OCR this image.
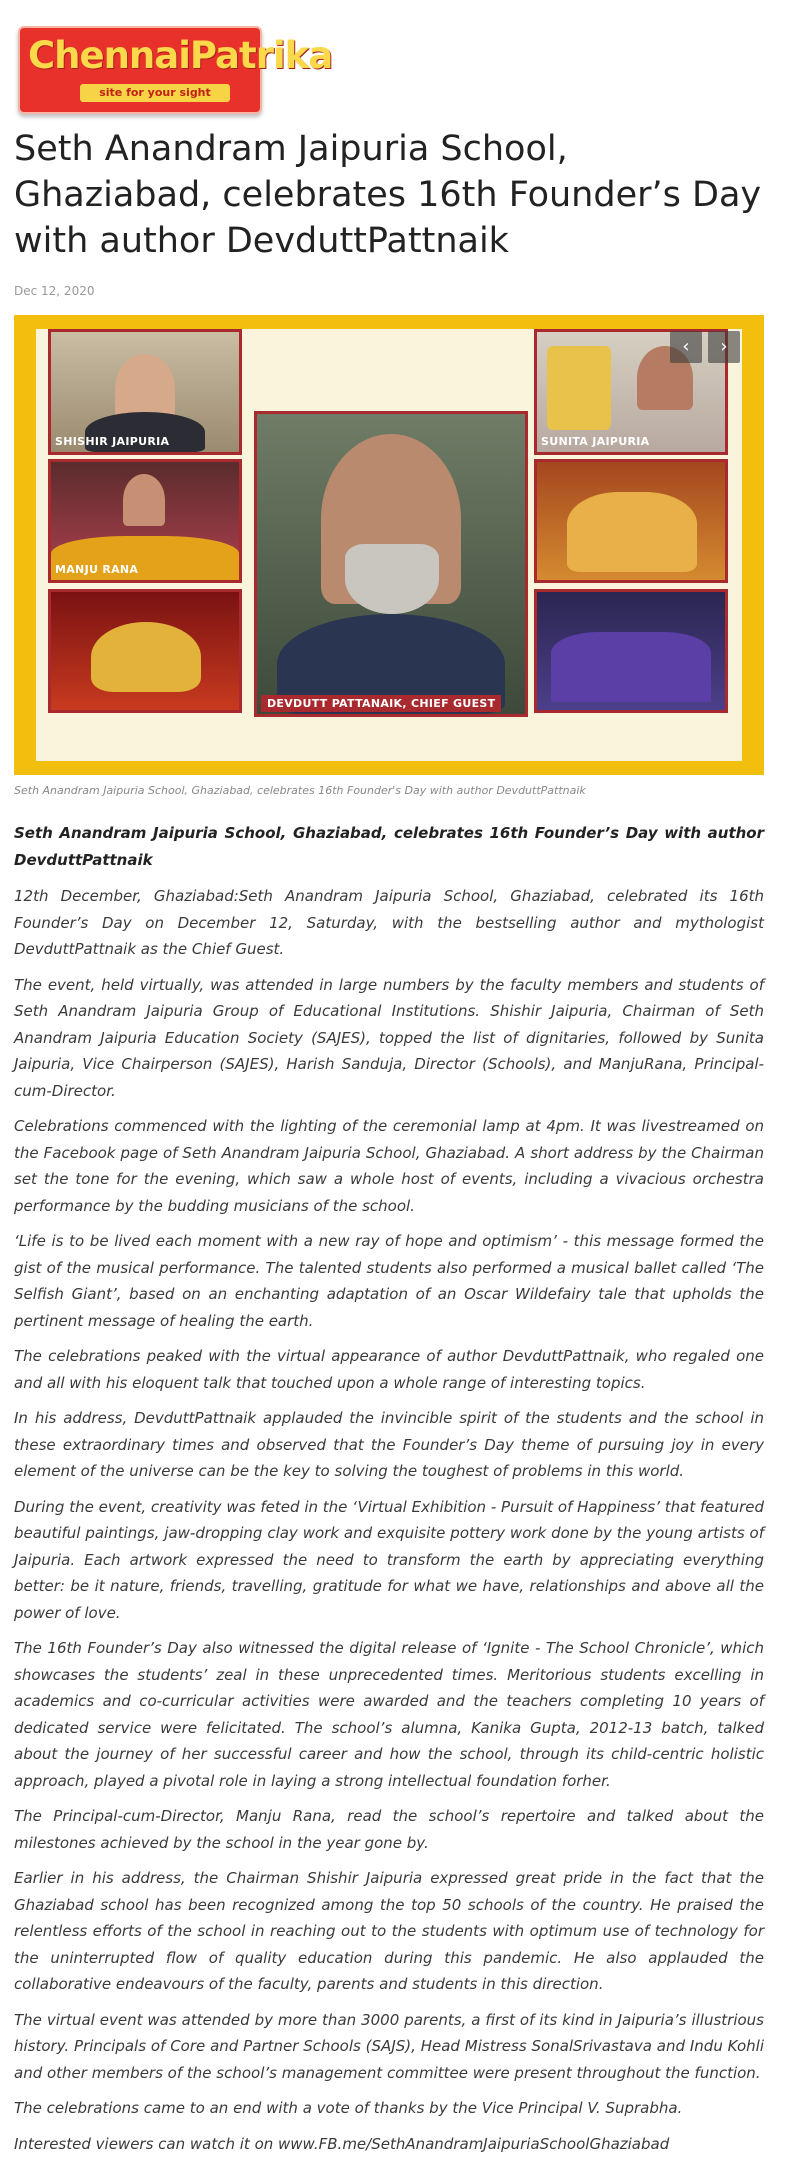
ChennaiPatrika
site for your sight
Seth Anandram Jaipuria School, Ghaziabad, celebrates 16th Founder’s Day with author DevduttPattnaik
Dec 12, 2020
SHISHIR JAIPURIA
MANJU RANA
DEVDUTT PATTANAIK, CHIEF GUEST
SUNITA JAIPURIA
‹	›
Seth Anandram Jaipuria School, Ghaziabad, celebrates 16th Founder's Day with author DevduttPattnaik

Seth Anandram Jaipuria School, Ghaziabad, celebrates 16th Founder’s Day with author DevduttPattnaik

12th December, Ghaziabad:Seth Anandram Jaipuria School, Ghaziabad, celebrated its 16th Founder’s Day on December 12, Saturday, with the bestselling author and mythologist DevduttPattnaik as the Chief Guest.

The event, held virtually, was attended in large numbers by the faculty members and students of Seth Anandram Jaipuria Group of Educational Institutions. Shishir Jaipuria, Chairman of Seth Anandram Jaipuria Education Society (SAJES), topped the list of dignitaries, followed by Sunita Jaipuria, Vice Chairperson (SAJES), Harish Sanduja, Director (Schools), and ManjuRana, Principal-cum-Director.

Celebrations commenced with the lighting of the ceremonial lamp at 4pm. It was livestreamed on the Facebook page of Seth Anandram Jaipuria School, Ghaziabad. A short address by the Chairman set the tone for the evening, which saw a whole host of events, including a vivacious orchestra performance by the budding musicians of the school.

‘Life is to be lived each moment with a new ray of hope and optimism’ - this message formed the gist of the musical performance. The talented students also performed a musical ballet called ‘The Selfish Giant’, based on an enchanting adaptation of an Oscar Wildefairy tale that upholds the pertinent message of healing the earth.

The celebrations peaked with the virtual appearance of author DevduttPattnaik, who regaled one and all with his eloquent talk that touched upon a whole range of interesting topics.

In his address, DevduttPattnaik applauded the invincible spirit of the students and the school in these extraordinary times and observed that the Founder’s Day theme of pursuing joy in every element of the universe can be the key to solving the toughest of problems in this world.

During the event, creativity was feted in the ‘Virtual Exhibition - Pursuit of Happiness’ that featured beautiful paintings, jaw-dropping clay work and exquisite pottery work done by the young artists of Jaipuria. Each artwork expressed the need to transform the earth by appreciating everything better: be it nature, friends, travelling, gratitude for what we have, relationships and above all the power of love.

The 16th Founder’s Day also witnessed the digital release of ‘Ignite - The School Chronicle’, which showcases the students’ zeal in these unprecedented times. Meritorious students excelling in academics and co-curricular activities were awarded and the teachers completing 10 years of dedicated service were felicitated. The school’s alumna, Kanika Gupta, 2012-13 batch, talked about the journey of her successful career and how the school, through its child-centric holistic approach, played a pivotal role in laying a strong intellectual foundation forher.

The Principal-cum-Director, Manju Rana, read the school’s repertoire and talked about the milestones achieved by the school in the year gone by.

Earlier in his address, the Chairman Shishir Jaipuria expressed great pride in the fact that the Ghaziabad school has been recognized among the top 50 schools of the country. He praised the relentless efforts of the school in reaching out to the students with optimum use of technology for the uninterrupted flow of quality education during this pandemic. He also applauded the collaborative endeavours of the faculty, parents and students in this direction.

The virtual event was attended by more than 3000 parents, a first of its kind in Jaipuria’s illustrious history. Principals of Core and Partner Schools (SAJS), Head Mistress SonalSrivastava and Indu Kohli and other members of the school’s management committee were present throughout the function.

The celebrations came to an end with a vote of thanks by the Vice Principal V. Suprabha.

Interested viewers can watch it on www.FB.me/SethAnandramJaipuriaSchoolGhaziabad
